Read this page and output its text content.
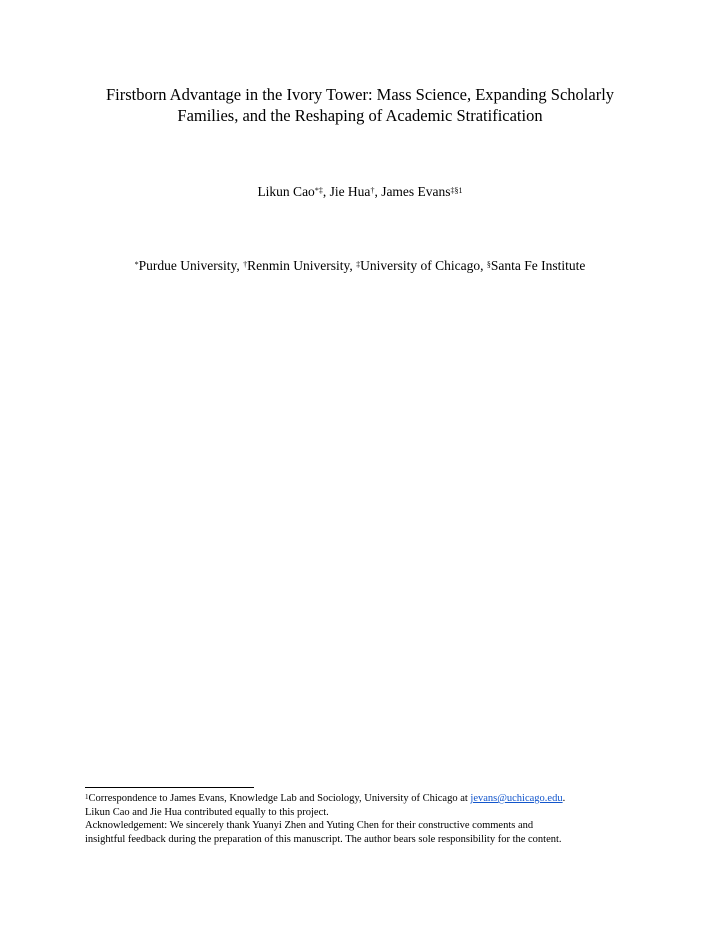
Firstborn Advantage in the Ivory Tower: Mass Science, Expanding Scholarly
Families, and the Reshaping of Academic Stratification
Likun Cao*‡, Jie Hua†, James Evans$^{\ddagger\S 1}$
*Purdue University, †Renmin University, ‡University of Chicago, §Santa Fe Institute
$^1$Correspondence to James Evans, Knowledge Lab and Sociology, University of Chicago at jevans@uchicago.edu.
Likun Cao and Jie Hua contributed equally to this project.
Acknowledgement: We sincerely thank Yuanyi Zhen and Yuting Chen for their constructive comments and
insightful feedback during the preparation of this manuscript. The author bears sole responsibility for the content.
